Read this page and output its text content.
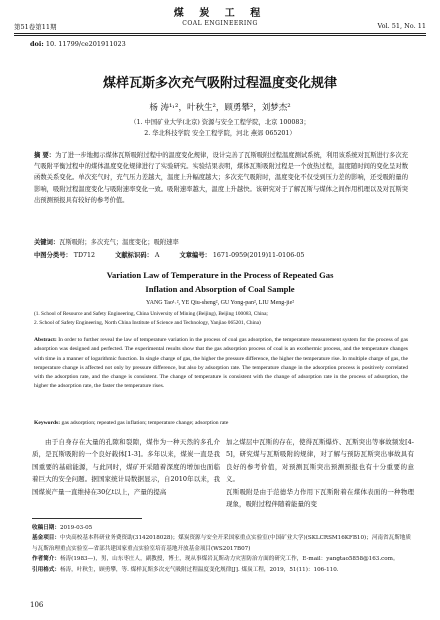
煤 炭 工 程
COAL ENGINEERING
第51卷第11期	Vol. 51, No. 11
doi: 10. 11799/ce201911023
煤样瓦斯多次充气吸附过程温度变化规律
杨 涛¹˒²，叶秋生²，顾勇攀²，刘梦杰²
（1. 中国矿业大学(北京) 资源与安全工程学院，北京 100083；
2. 华北科技学院 安全工程学院，河北 燕郊 065201）
摘 要：为了进一步地揭示煤体瓦斯吸附过程中的温度变化规律，设计完善了瓦斯吸附过程温度测试系统，利用该系统对瓦斯进行多次充气吸附平衡过程中的煤体温度变化规律进行了实验研究。实验结果表明，煤体瓦斯吸附过程是一个放热过程，温度随时间的变化呈对数函数关系变化。单次充气时，充气压力差越大，温度上升幅度越大；多次充气吸附时，温度变化不仅受到压力差的影响，还受吸附量的影响，吸附过程温度变化与吸附速率变化一致。吸附速率越大，温度上升越快。该研究对于了解瓦斯与煤体之间作用机理以及对瓦斯突出预测预报具有较好的参考价值。
关键词：瓦斯吸附；多次充气；温度变化；吸附速率
中图分类号： TD712	文献标识码： A	文章编号： 1671-0959(2019)11-0106-05
Variation Law of Temperature in the Process of Repeated Gas
Inflation and Absorption of Coal Sample
YANG Tao¹˒², YE Qiu-sheng², GU Yong-pan², LIU Meng-jie²
(1. School of Resource and Safety Engineering, China University of Mining (Beijing), Beijing 100083, China;
2. School of Safety Engineering, North China Institute of Science and Technology, Yanjiao 065201, China)
Abstract: In order to further reveal the law of temperature variation in the process of coal gas adsorption, the temperature measurement system for the process of gas adsorption was designed and perfected. The experimental results show that the gas adsorption process of coal is an exothermic process, and the temperature changes with time in a manner of logarithmic function. In single charge of gas, the higher the pressure difference, the higher the temperature rise. In multiple charge of gas, the temperature change is affected not only by pressure difference, but also by adsorption rate. The temperature change in the adsorption process is positively correlated with the adsorption rate, and the change is consistent. The change of temperature is consistent with the change of adsorption rate in the process of adsorption, the higher the adsorption rate, the faster the temperature rises.
Keywords: gas adsorption; repeated gas inflation; temperature change; adsorption rate
由于自身存在大量的孔隙和裂隙，煤作为一种天然的多孔介质，是瓦斯吸附的一个良好载体[1-3]。多年以来，煤炭一直是我国重要的基础能源，与此同时，煤矿开采随着深度的增加也面临着巨大的安全问题。据国家统计局数据显示，自2010年以来，我国煤炭产量一直维持在30亿t以上，产量的提高
加之煤层中瓦斯的存在，使得瓦斯爆炸、瓦斯突出等事故频发[4-5]，研究煤与瓦斯吸附的规律，对了解与预防瓦斯突出事故具有良好的参考价值，对预测瓦斯突出预测预报也有十分重要的意义。
瓦斯吸附是由于范德华力作用下瓦斯附着在煤体表面的一种物理现象，吸附过程伴随着能量的变
收稿日期：2019-03-05
基金项目：中央高校基本科研业务费资助(3142018028)；煤炭资源与安全开采国家重点实验室(中国矿业大学)(SKLCRSM16KFB10)；河南省瓦斯地质与瓦斯治理重点实验室—省部共建国家重点实验室培育基地开放基金项目(WS2017B07)
作者简介：杨涛(1983—)，男，山东枣庄人，副教授，博士，现从事煤岩瓦斯动力灾害防治方面的研究工作，E-mail：yangtao5858@163.com。
引用格式：杨涛，叶秋生，顾勇攀，等. 煤样瓦斯多次充气吸附过程温度变化规律[J]. 煤炭工程，2019，51(11)：106-110.
106
